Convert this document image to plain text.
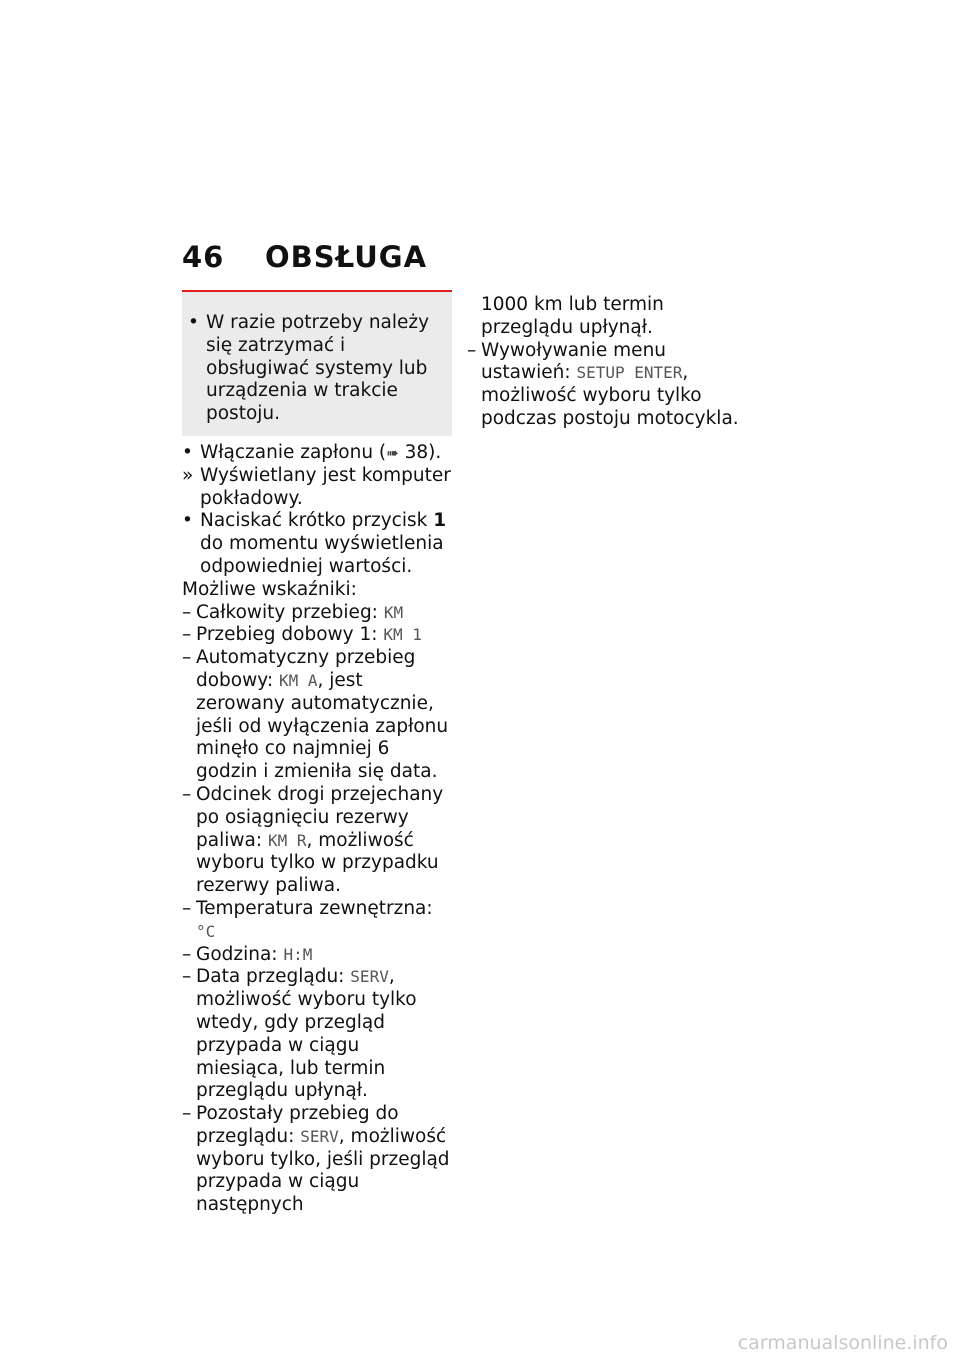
46 OBSŁUGA
• W razie potrzeby należy się zatrzymać i obsługiwać systemy lub urządzenia w trakcie postoju.
• Włączanie zapłonu (➠ 38).
» Wyświetlany jest komputer pokładowy.
• Naciskać krótko przycisk 1 do momentu wyświetlenia odpowiedniej wartości.
Możliwe wskaźniki:
– Całkowity przebieg: KM
– Przebieg dobowy 1: KM 1
– Automatyczny przebieg dobowy: KM A, jest zerowany automatycznie, jeśli od wyłączenia zapłonu minęło co najmniej 6 godzin i zmieniła się data.
– Odcinek drogi przejechany po osiągnięciu rezerwy paliwa: KM R, możliwość wyboru tylko w przypadku rezerwy paliwa.
– Temperatura zewnętrzna: °C
– Godzina: H:M
– Data przeglądu: SERV, możliwość wyboru tylko wtedy, gdy przegląd przypada w ciągu miesiąca, lub termin przeglądu upłynął.
– Pozostały przebieg do przeglądu: SERV, możliwość wyboru tylko, jeśli przegląd przypada w ciągu następnych
1000 km lub termin przeglądu upłynął.
– Wywoływanie menu ustawień: SETUP ENTER, możliwość wyboru tylko podczas postoju motocykla.
carmanualsonline.info
